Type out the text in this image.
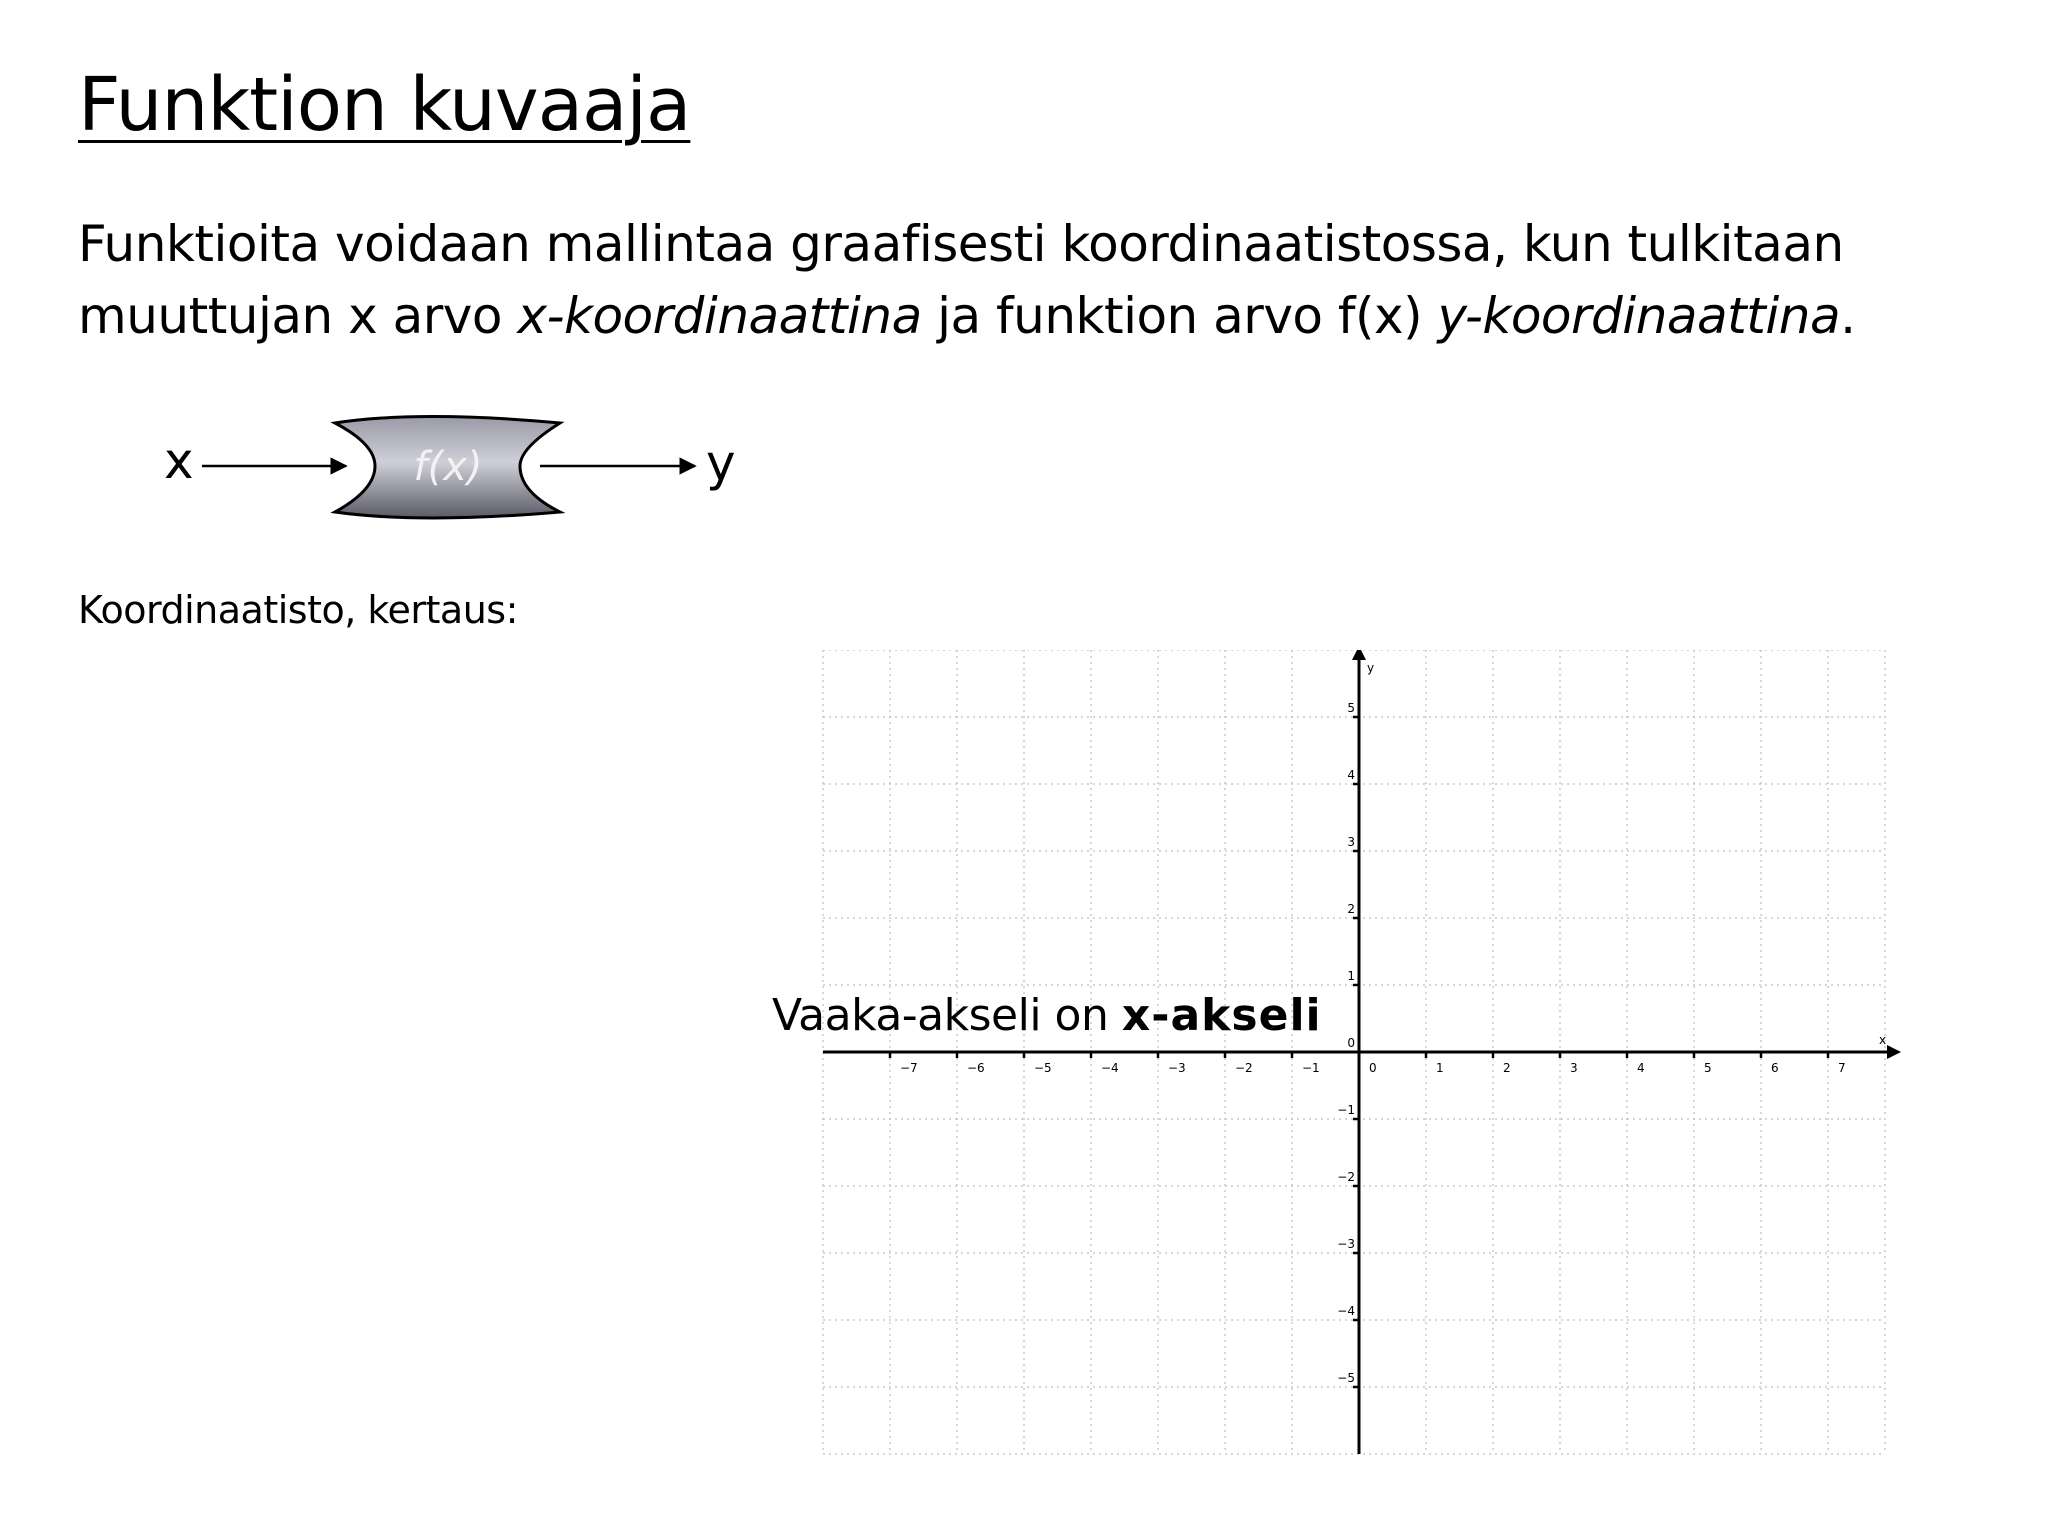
Funktion kuvaaja

Funktioita voidaan mallintaa graafisesti koordinaatistossa, kun tulkitaan

muuttujan x arvo x-koordinaattina ja funktion arvo f(x) y-koordinaattina.

x	f(x)	y
Koordinaatisto, kertaus:
x
y
−7	−6	−5	−4	−3	−2	−1	0	1	2	3	4	5	6	7
5
4
3
2
1
−1
−2
−3
−4
−5
0
Vaaka-akseli on x-akseli
